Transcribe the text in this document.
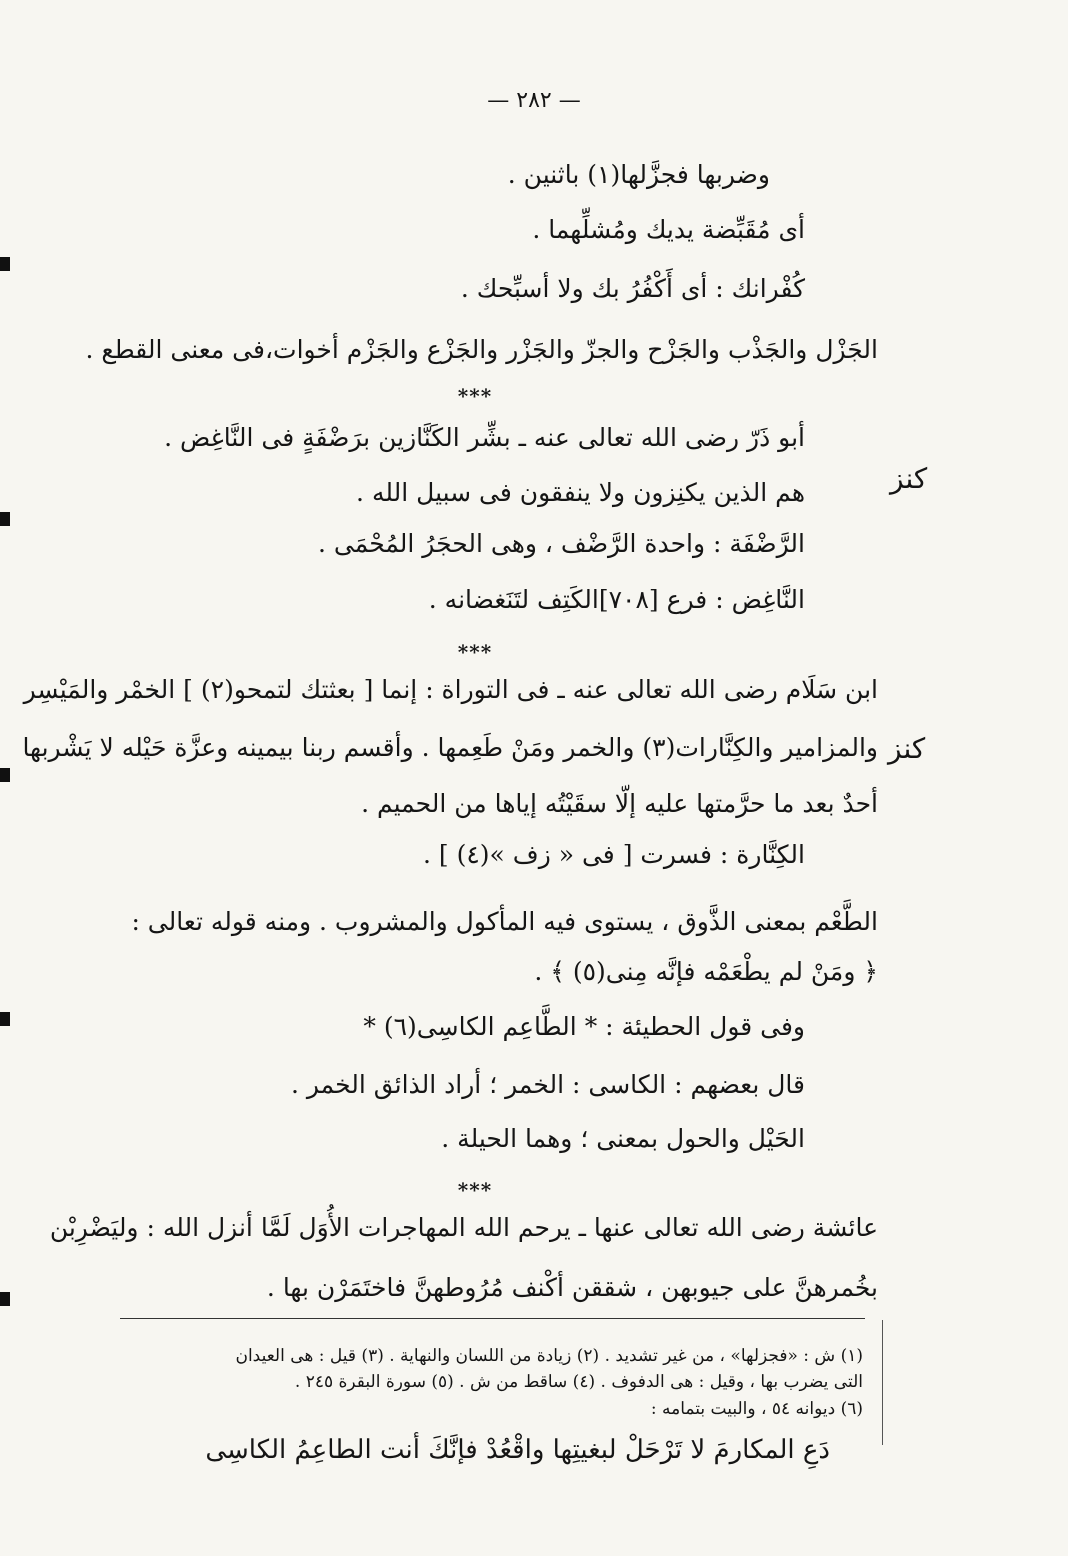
— ٢٨٢ —
وضربها فجزَّلها(١) باثنين .
أى مُقَبِّضة يديك ومُشلِّهما .
كُفْرانك : أى أَكْفُرُ بك ولا أسبِّحك .
الجَزْل والجَذْب والجَزْح والجزّ والجَزْر والجَزْع والجَزْم أخوات،فى معنى القطع .
***
كنز
أبو ذَرّ رضى الله تعالى عنه ـ بشِّر الكَنَّازين برَضْفَةٍ فى النَّاغِض .
هم الذين يكنِزون ولا ينفقون فى سبيل الله .
الرَّضْفَة : واحدة الرَّضْف ، وهى الحجَرُ المُحْمَى .
النَّاغِض : فرع [٧٠٨]الكَتِف لتَنَغضانه .
***
كنز
ابن سَلَام رضى الله تعالى عنه ـ فى التوراة : إنما [ بعثتك لتمحو(٢) ] الخمْر والمَيْسِر
والمزامير والكِنَّارات(٣) والخمر ومَنْ طَعِمها . وأقسم ربنا بيمينه وعزَّة حَيْله لا يَشْربها
أحدٌ بعد ما حرَّمتها عليه إلّا سقَيْتُه إياها من الحميم .
الكِنَّارة : فسرت [ فى « زف »(٤) ] .
الطَّعْم بمعنى الذَّوق ، يستوى فيه المأكول والمشروب . ومنه قوله تعالى :
﴿ ومَنْ لم يطْعَمْه فإنَّه مِنى(٥) ﴾ .
وفى قول الحطيئة : * الطَّاعِم الكاسِى(٦) *
قال بعضهم : الكاسى : الخمر ؛ أراد الذائق الخمر .
الحَيْل والحول بمعنى ؛ وهما الحيلة .
***
عائشة رضى الله تعالى عنها ـ يرحم الله المهاجرات الأُوَل لَمَّا أنزل الله : وليَضْرِبْن
بخُمرهنَّ على جيوبهن ، شققن أكْنف مُرُوطهنَّ فاختَمَرْن بها .
(١) ش : «فجزلها» ، من غير تشديد . (٢) زيادة من اللسان والنهاية . (٣) قيل : هى العيدان
التى يضرب بها ، وقيل : هى الدفوف . (٤) ساقط من ش . (٥) سورة البقرة ٢٤٥ .
(٦) ديوانه ٥٤ ، والبيت بتمامه :
دَعِ المكارمَ لا تَرْحَلْ لبغيتِها واقْعُدْ فإنَّكَ أنت الطاعِمُ الكاسِى
